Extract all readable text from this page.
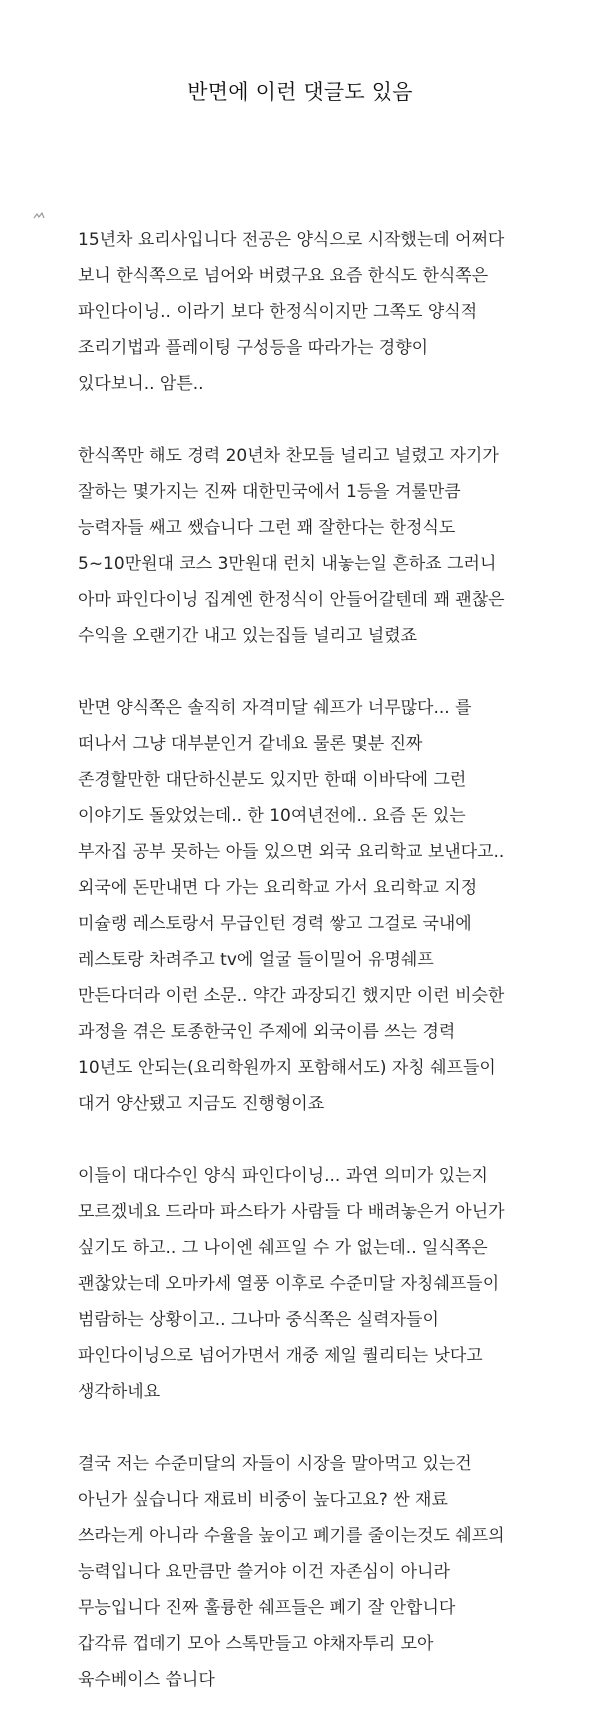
반면에 이런 댓글도 있음
15년차 요리사입니다 전공은 양식으로 시작했는데 어쩌다
보니 한식쪽으로 넘어와 버렸구요 요즘 한식도 한식쪽은
파인다이닝.. 이라기 보다 한정식이지만 그쪽도 양식적
조리기법과 플레이팅 구성등을 따라가는 경향이
있다보니.. 암튼..
한식쪽만 해도 경력 20년차 찬모들 널리고 널렸고 자기가
잘하는 몇가지는 진짜 대한민국에서 1등을 겨룰만큼
능력자들 쌔고 쌨습니다 그런 꽤 잘한다는 한정식도
5~10만원대 코스 3만원대 런치 내놓는일 흔하죠 그러니
아마 파인다이닝 집계엔 한정식이 안들어갈텐데 꽤 괜찮은
수익을 오랜기간 내고 있는집들 널리고 널렸죠
반면 양식쪽은 솔직히 자격미달 쉐프가 너무많다... 를
떠나서 그냥 대부분인거 같네요 물론 몇분 진짜
존경할만한 대단하신분도 있지만 한때 이바닥에 그런
이야기도 돌았었는데.. 한 10여년전에.. 요즘 돈 있는
부자집 공부 못하는 아들 있으면 외국 요리학교 보낸다고..
외국에 돈만내면 다 가는 요리학교 가서 요리학교 지정
미슐랭 레스토랑서 무급인턴 경력 쌓고 그걸로 국내에
레스토랑 차려주고 tv에 얼굴 들이밀어 유명쉐프
만든다더라 이런 소문.. 약간 과장되긴 했지만 이런 비슷한
과정을 겪은 토종한국인 주제에 외국이름 쓰는 경력
10년도 안되는(요리학원까지 포함해서도) 자칭 쉐프들이
대거 양산됐고 지금도 진행형이죠
이들이 대다수인 양식 파인다이닝... 과연 의미가 있는지
모르겠네요 드라마 파스타가 사람들 다 배려놓은거 아닌가
싶기도 하고.. 그 나이엔 쉐프일 수 가 없는데.. 일식쪽은
괜찮았는데 오마카세 열풍 이후로 수준미달 자칭쉐프들이
범람하는 상황이고.. 그나마 중식쪽은 실력자들이
파인다이닝으로 넘어가면서 개중 제일 퀄리티는 낫다고
생각하네요
결국 저는 수준미달의 자들이 시장을 말아먹고 있는건
아닌가 싶습니다 재료비 비중이 높다고요? 싼 재료
쓰라는게 아니라 수율을 높이고 폐기를 줄이는것도 쉐프의
능력입니다 요만큼만 쓸거야 이건 자존심이 아니라
무능입니다 진짜 훌륭한 쉐프들은 폐기 잘 안합니다
갑각류 껍데기 모아 스톡만들고 야채자투리 모아
육수베이스 씁니다
